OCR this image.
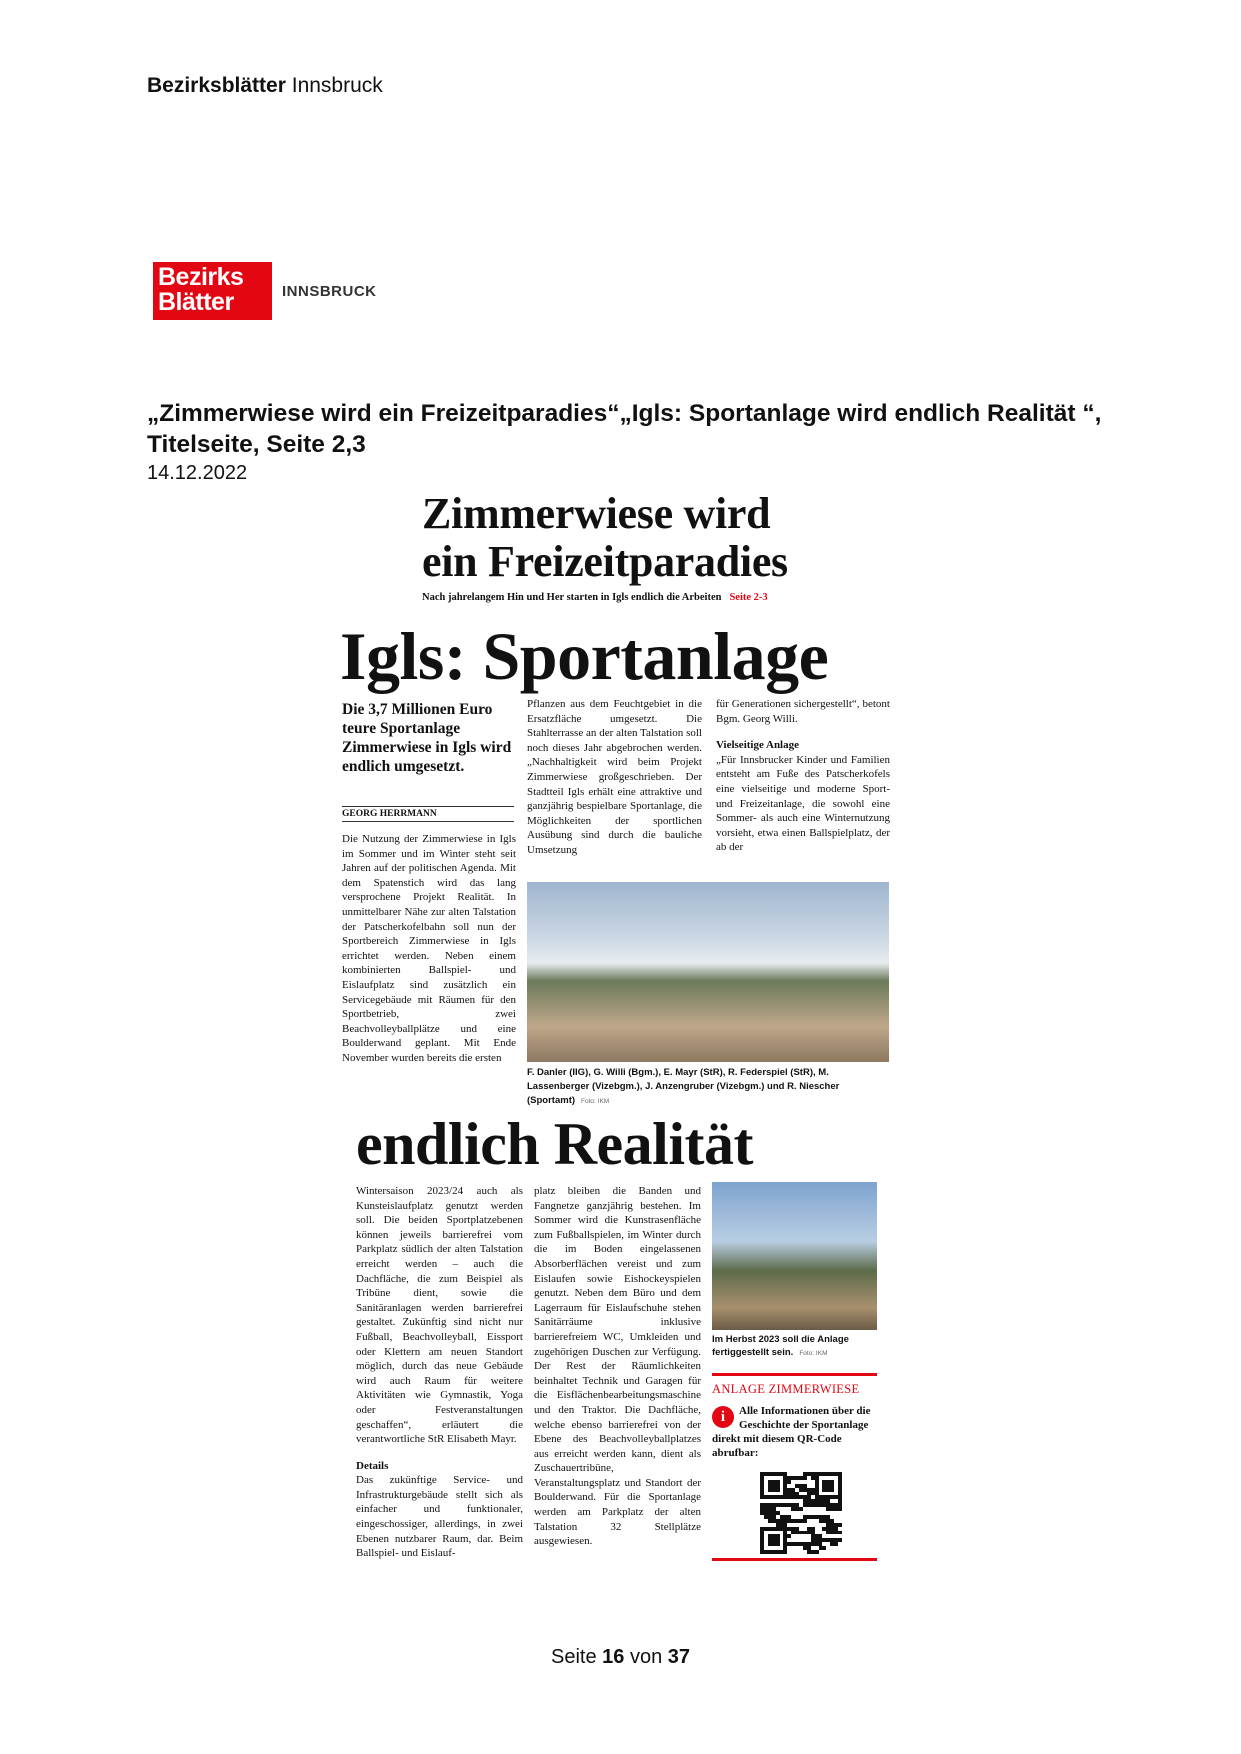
Bezirksblätter Innsbruck
Bezirks
Blätter	INNSBRUCK
„Zimmerwiese wird ein Freizeitparadies“„Igls: Sportanlage wird endlich Realität “, Titelseite, Seite 2,3
14.12.2022
Zimmerwiese wird
ein Freizeitparadies
Nach jahrelangem Hin und Her starten in Igls endlich die Arbeiten Seite 2-3
Igls: Sportanlage
Die 3,7 Millionen Euro teure Sportanlage Zimmerwiese in Igls wird endlich umgesetzt.
GEORG HERRMANN
Die Nutzung der Zimmerwiese in Igls im Sommer und im Winter steht seit Jahren auf der politischen Agenda. Mit dem Spatenstich wird das lang versprochene Projekt Realität. In unmittelbarer Nähe zur alten Talstation der Patscherkofelbahn soll nun der Sportbereich Zimmerwiese in Igls errichtet werden. Neben einem kombinierten Ballspiel- und Eislaufplatz sind zusätzlich ein Servicegebäude mit Räumen für den Sportbetrieb, zwei Beachvolleyballplätze und eine Boulderwand geplant. Mit Ende November wurden bereits die ersten
Pflanzen aus dem Feuchtgebiet in die Ersatzfläche umgesetzt. Die Stahlterrasse an der alten Talstation soll noch dieses Jahr abgebrochen werden. „Nachhaltigkeit wird beim Projekt Zimmerwiese großgeschrieben. Der Stadtteil Igls erhält eine attraktive und ganzjährig bespielbare Sportanlage, die Möglichkeiten der sportlichen Ausübung sind durch die bauliche Umsetzung
für Generationen sichergestellt“, betont Bgm. Georg Willi.
Vielseitige Anlage
„Für Innsbrucker Kinder und Familien entsteht am Fuße des Patscherkofels eine vielseitige und moderne Sport- und Freizeitanlage, die sowohl eine Sommer- als auch eine Winternutzung vorsieht, etwa einen Ballspielplatz, der ab der
F. Danler (IIG), G. Willi (Bgm.), E. Mayr (StR), R. Federspiel (StR), M. Lassenberger (Vizebgm.), J. Anzengruber (Vizebgm.) und R. Niescher (Sportamt) Foto: IKM
endlich Realität
Wintersaison 2023/24 auch als Kunsteislaufplatz genutzt werden soll. Die beiden Sportplatzebenen können jeweils barrierefrei vom Parkplatz südlich der alten Talstation erreicht werden – auch die Dachfläche, die zum Beispiel als Tribüne dient, sowie die Sanitäranlagen werden barrierefrei gestaltet. Zukünftig sind nicht nur Fußball, Beachvolleyball, Eissport oder Klettern am neuen Standort möglich, durch das neue Gebäude wird auch Raum für weitere Aktivitäten wie Gymnastik, Yoga oder Festveranstaltungen geschaffen“, erläutert die verantwortliche StR Elisabeth Mayr.
Details
Das zukünftige Service- und Infrastrukturgebäude stellt sich als einfacher und funktionaler, eingeschossiger, allerdings, in zwei Ebenen nutzbarer Raum, dar. Beim Ballspiel- und Eislauf-
platz bleiben die Banden und Fangnetze ganzjährig bestehen. Im Sommer wird die Kunstrasenfläche zum Fußballspielen, im Winter durch die im Boden eingelassenen Absorberflächen vereist und zum Eislaufen sowie Eishockeyspielen genutzt. Neben dem Büro und dem Lagerraum für Eislaufschuhe stehen Sanitärräume inklusive barrierefreiem WC, Umkleiden und zugehörigen Duschen zur Verfügung. Der Rest der Räumlichkeiten beinhaltet Technik und Garagen für die Eisflächenbearbeitungsmaschine und den Traktor. Die Dachfläche, welche ebenso barrierefrei von der Ebene des Beachvolleyballplatzes aus erreicht werden kann, dient als Zuschauertribüne, Veranstaltungsplatz und Standort der Boulderwand. Für die Sportanlage werden am Parkplatz der alten Talstation 32 Stellplätze ausgewiesen.
Im Herbst 2023 soll die Anlage fertiggestellt sein. Foto: IKM
ANLAGE ZIMMERWIESE
i	Alle Informationen über die Geschichte der Sportanlage direkt mit diesem QR-Code abrufbar:
Seite 16 von 37
